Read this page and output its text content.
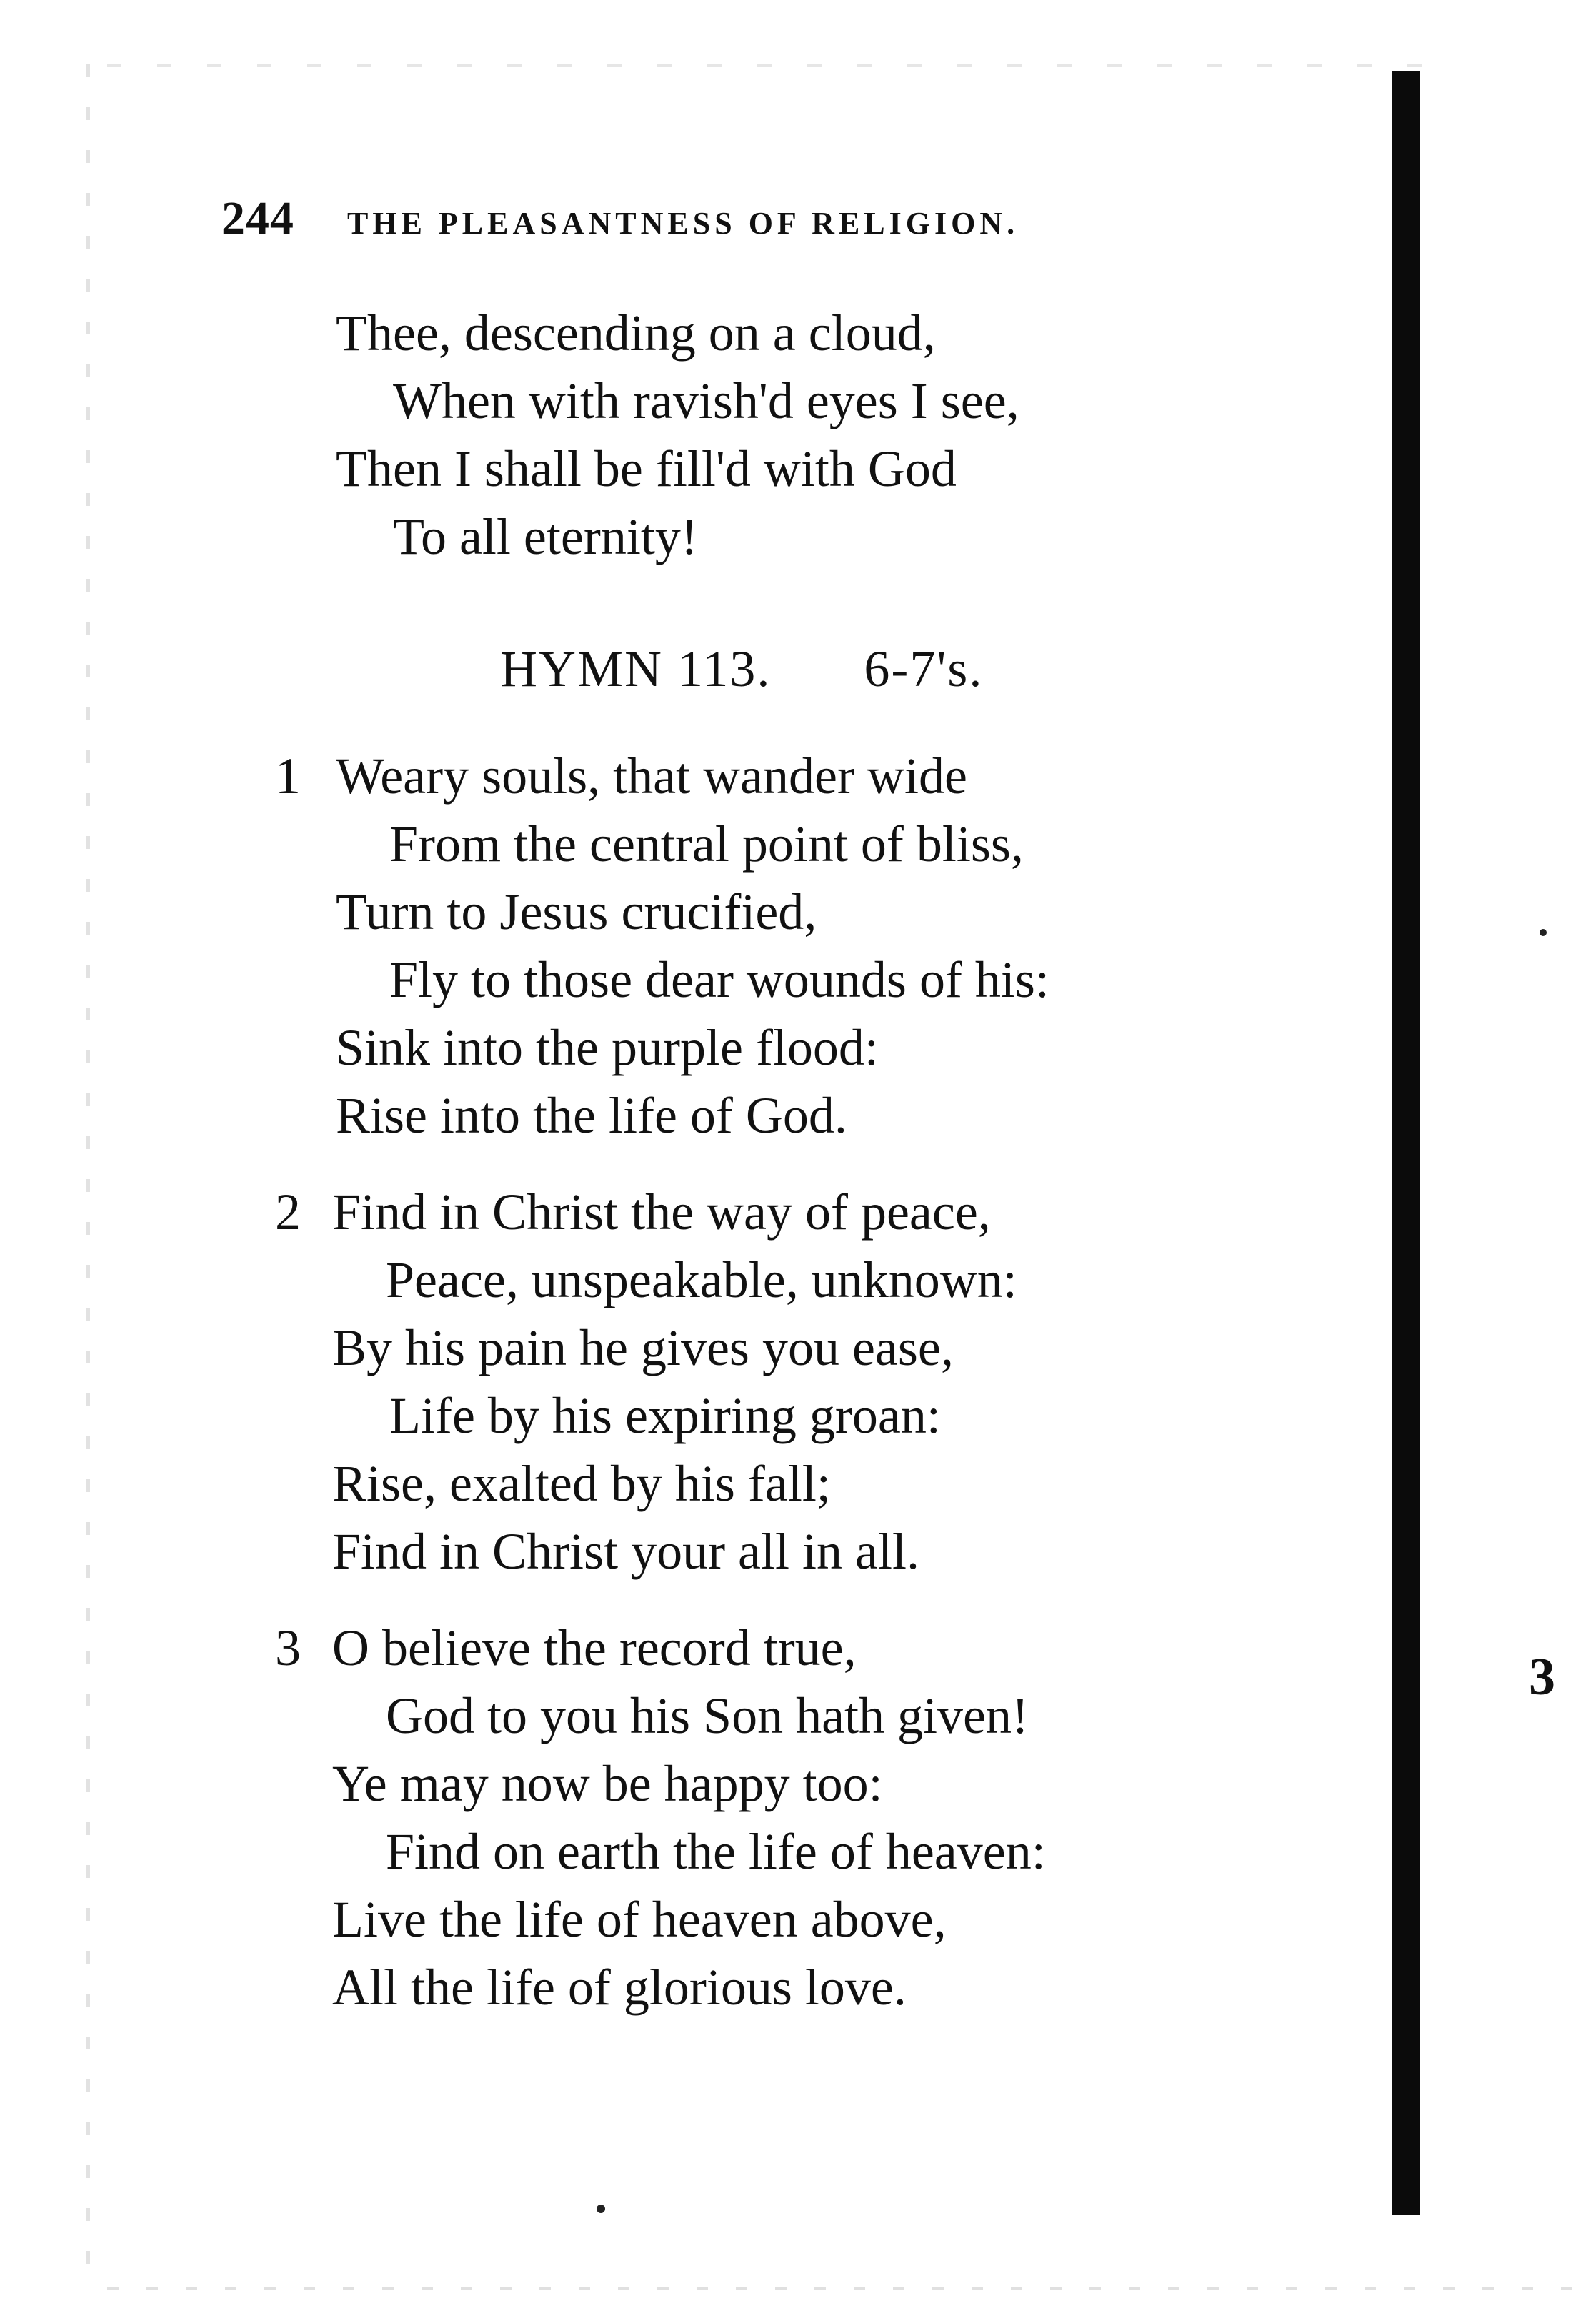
244 THE PLEASANTNESS OF RELIGION.
Thee, descending on a cloud,
When with ravish'd eyes I see,
Then I shall be fill'd with God
To all eternity!
HYMN 113. 6-7's.
1 Weary souls, that wander wide
From the central point of bliss,
Turn to Jesus crucified,
Fly to those dear wounds of his:
Sink into the purple flood:
Rise into the life of God.
2 Find in Christ the way of peace,
Peace, unspeakable, unknown:
By his pain he gives you ease,
Life by his expiring groan:
Rise, exalted by his fall;
Find in Christ your all in all.
3 O believe the record true,
God to you his Son hath given!
Ye may now be happy too:
Find on earth the life of heaven:
Live the life of heaven above,
All the life of glorious love.
3
